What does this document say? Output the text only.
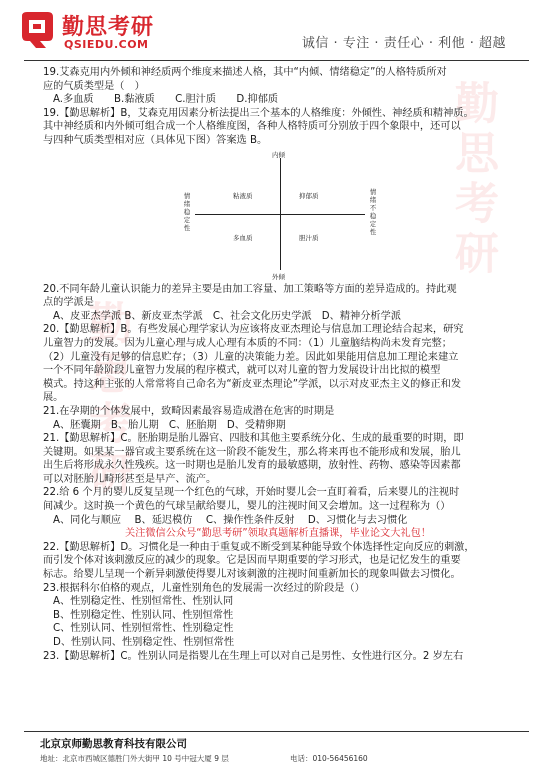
勤思考研
勤思考研
勤思考研
QSIEDU.COM	诚信 · 专注 · 责任心 · 利他 · 超越

19.艾森克用内外倾和神经质两个维度来描述人格，其中“内倾、情绪稳定”的人格特质所对

应的气质类型是（　）

A.多血质　　B.黏液质　　C.胆汁质　　D.抑郁质

19.【勤思解析】B，艾森克用因素分析法提出三个基本的人格维度：外倾性、神经质和精神质。

其中神经质和内外倾可组合成一个人格维度图，各种人格特质可分别放于四个象限中，还可以

与四种气质类型相对应（具体见下图）答案选 B。

内倾
外倾
情绪稳定性
情绪不稳定性
粘液质	抑郁质
多血质	胆汁质

20.不同年龄儿童认识能力的差异主要是由加工容量、加工策略等方面的差异造成的。持此观

点的学派是

A、皮亚杰学派 B、新皮亚杰学派　C、社会文化历史学派　D、精神分析学派

20.【勤思解析】B。有些发展心理学家认为应该将皮亚杰理论与信息加工理论结合起来，研究

儿童智力的发展。因为儿童心理与成人心理有本质的不同：（1）儿童脑结构尚未发育完整；

（2）儿童没有足够的信息贮存；（3）儿童的决策能力差。因此如果能用信息加工理论来建立

一个不同年龄阶段儿童智力发展的程序模式，就可以对儿童的智力发展设计出比拟的模型

模式。持这种主张的人常常将自己命名为“新皮亚杰理论”学派，以示对皮亚杰主义的修正和发

展。

21.在孕期的个体发展中，致畸因素最容易造成潜在危害的时期是

A、胚囊期　B、胎儿期　C、胚胎期　D、受精卵期

21.【勤思解析】C。胚胎期是胎儿器官、四肢和其他主要系统分化、生成的最重要的时期，即

关键期。如果某一器官或主要系统在这一阶段不能发生，那么将来再也不能形成和发展，胎儿

出生后将形成永久性残疾。这一时期也是胎儿发育的最敏感期，放射性、药物、感染等因素都

可以对胚胎儿畸形甚至是早产、流产。

22.给 6 个月的婴儿反复呈现一个红色的气球，开始时婴儿会一直盯着看，后来婴儿的注视时

间减少。这时换一个黄色的气球呈献给婴儿，婴儿的注视时间又会增加。这一过程称为（）

A、同化与顺应　 B、延迟模仿　 C、操作性条件反射　 D、习惯化与去习惯化

关注微信公众号“勤思考研”领取真题解析直播课，毕业论文大礼包！

22.【勤思解析】D。习惯化是一种由于重复或不断受到某种能导致个体选择性定向反应的刺激，

而引发个体对该刺激反应的减少的现象。它是因而早期重要的学习形式，也是记忆发生的重要

标志。给婴儿呈现一个新异刺激使得婴儿对该刺激的注视时间重新加长的现象叫做去习惯化。

23.根据科尔伯格的观点，儿童性别角色的发展需一次经过的阶段是（）

A、性别稳定性、性别恒常性、性别认同

B、性别稳定性、性别认同、性别恒常性

C、性别认同、性别恒常性、性别稳定性

D、性别认同、性别稳定性、性别恒常性

23.【勤思解析】C。性别认同是指婴儿在生理上可以对自己是男性、女性进行区分。2 岁左右

北京京师勤思教育科技有限公司
地址：北京市西城区德胜门外大街甲 10 号中冠大厦 9 层	电话：010-56456160
